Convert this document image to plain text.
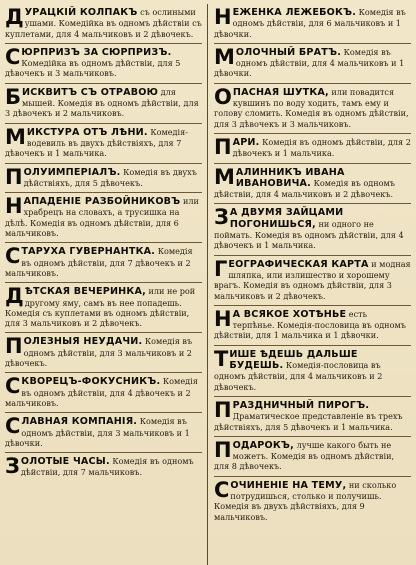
ДУРАЦКІЙ КОЛПАКЪ съ ослиными ушами. Комедійка въ одномъ дѣйствіи съ куплетами, для 4 мальчиковъ и 2 дѣвочекъ.
СЮРПРИЗЪ ЗА СЮРПРИЗЪ. Комедійка въ одномъ дѣйствіи, для 5 дѣвочекъ и 3 мальчиковъ.
БИСКВИТЪ СЪ ОТРАВОЮ для мышей. Комедія въ одномъ дѣйствіи, для 3 дѣвочекъ и 2 мальчиковъ.
МИКСТУРА ОТЪ ЛѢНИ. Комедія-водевиль въ двухъ дѣйствіяхъ, для 7 дѣвочекъ и 1 мальчика.
ПОЛУИМПЕРІАЛЪ. Комедія въ двухъ дѣйствіяхъ, для 5 дѣвочекъ.
НАПАДЕНІЕ РАЗБОЙНИКОВЪ или храбрецъ на словахъ, а трусишка на дѣлѣ. Комедія въ одномъ дѣйствіи, для 6 мальчиковъ.
СТАРУХА ГУВЕРНАНТКА. Комедія въ одномъ дѣйствіи, для 7 дѣвочекъ и 2 мальчиковъ.
ДѢТСКАЯ ВЕЧЕРИНКА, или не рой другому яму, самъ въ нее попадешь. Комедія съ куплетами въ одномъ дѣйствіи, для 3 мальчиковъ и 2 дѣвочекъ.
ПОЛЕЗНЫЯ НЕУДАЧИ. Комедія въ одномъ дѣйствіи, для 3 мальчиковъ и 2 дѣвочекъ.
СКВОРЕЦЪ-ФОКУСНИКЪ. Комедія въ одномъ дѣйствіи, для 4 дѣвочекъ и 2 мальчиковъ.
СЛАВНАЯ КОМПАНІЯ. Комедія въ одномъ дѣйствіи, для 3 мальчиковъ и 1 дѣвочки.
ЗОЛОТЫЕ ЧАСЫ. Комедія въ одномъ дѣйствіи, для 7 мальчиковъ.
НЕЖЕНКА ЛЕЖЕБОКЪ. Комедія въ одномъ дѣйствіи, для 6 мальчиковъ и 1 дѣвочки.
МОЛОЧНЫЙ БРАТЪ. Комедія въ одномъ дѣйствіи, для 4 мальчиковъ и 1 дѣвочки.
ОПАСНАЯ ШУТКА, или повадится кувшинъ по воду ходить, тамъ ему и голову сломить. Комедія въ одномъ дѣйствіи, для 3 дѣвочекъ и 3 мальчиковъ.
ПАРИ. Комедія въ одномъ дѣйствіи, для 2 дѣвочекъ и 1 мальчика.
МАЛИННИКЪ ИВАНА ИВАНОВИЧА. Комедія въ одномъ дѣйствіи, для 4 мальчиковъ и 2 дѣвочекъ.
З А ДВУМЯ ЗАЙЦАМИ ПОГОНИШЬСЯ, ни одного не поймать. Комедія въ одномъ дѣйствіи, для 4 дѣвочекъ и 1 мальчика.
ГЕОГРАФИЧЕСКАЯ КАРТА и модная шляпка, или излишество и хорошему врагъ. Комедія въ одномъ дѣйствіи, для 3 мальчиковъ и 2 дѣвочекъ.
Н А ВСЯКОЕ ХОТѢНЬЕ есть терпѣнье. Комедія-пословица въ одномъ дѣйствіи, для 1 мальчика и 1 дѣвочки.
ТИШЕ ѢДЕШЬ ДАЛЬШЕ БУДЕШЬ. Комедія-пословица въ одномъ дѣйствіи, для 4 мальчиковъ и 2 дѣвочекъ.
ПРАЗДНИЧНЫЙ ПИРОГЪ. Драматическое представленіе въ трехъ дѣйствіяхъ, для 5 дѣвочекъ и 1 мальчика.
ПОДАРОКЪ, лучше какого быть не можетъ. Комедія въ одномъ дѣйствіи, для 8 дѣвочекъ.
СОЧИНЕНІЕ НА ТЕМУ, ни сколько потрудишься, столько и получишь. Комедія въ двухъ дѣйствіяхъ, для 9 мальчиковъ.
